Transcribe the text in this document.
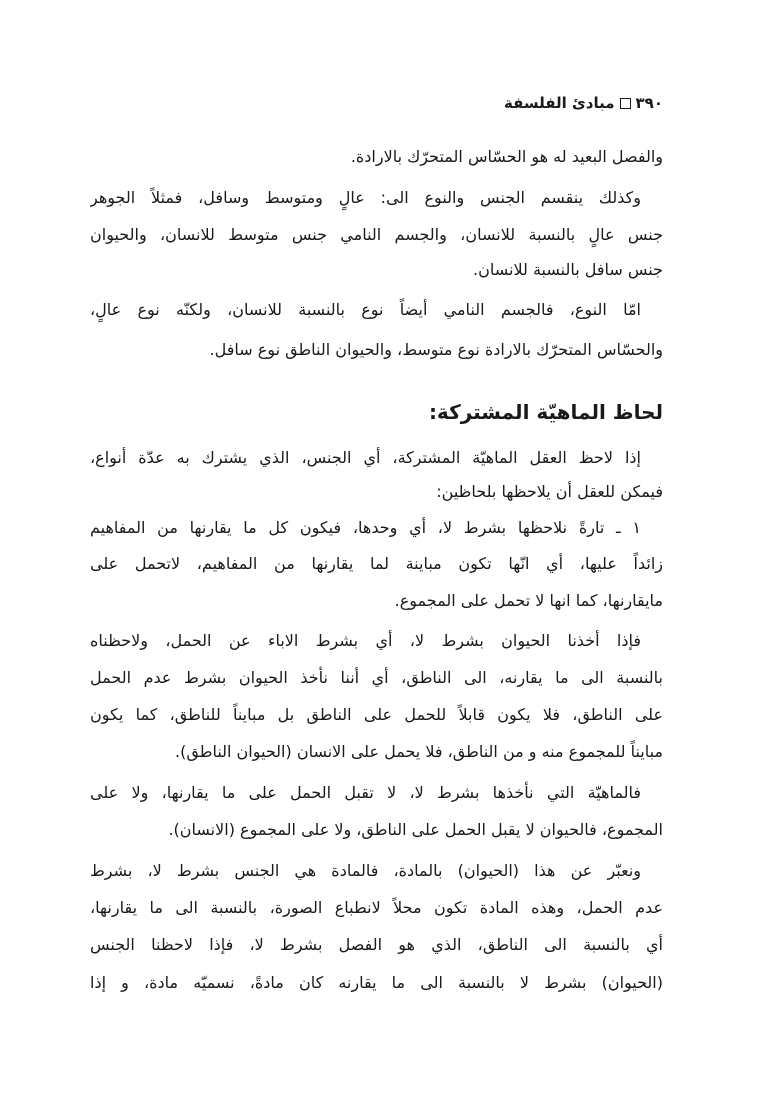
٣٩٠مبادئ الفلسفة
والفصل البعيد له هو الحسّاس المتحرّك بالارادة.
وكذلك ينقسم الجنس والنوع الى: عالٍ ومتوسط وسافل، فمثلاً الجوهر
جنس عالٍ بالنسبة للانسان، والجسم النامي جنس متوسط للانسان، والحيوان
جنس سافل بالنسبة للانسان.
امّا النوع، فالجسم النامي أيضاً نوع بالنسبة للانسان، ولكنّه نوع عالٍ،
والحسّاس المتحرّك بالارادة نوع متوسط، والحيوان الناطق نوع سافل.
لحاظ الماهيّة المشتركة:
إذا لاحظ العقل الماهيّة المشتركة، أي الجنس، الذي يشترك به عدّة أنواع،
فيمكن للعقل أن يلاحظها بلحاظين:
١ ـ تارةً نلاحظها بشرط لا، أي وحدها، فيكون كل ما يقارنها من المفاهيم
زائداً عليها، أي انّها تكون مباينة لما يقارنها من المفاهيم، لاتحمل على
مايقارنها، كما انها لا تحمل على المجموع.
فإذا أخذنا الحيوان بشرط لا، أي بشرط الاباء عن الحمل، ولاحظناه
بالنسبة الى ما يقارنه، الى الناطق، أي أننا نأخذ الحيوان بشرط عدم الحمل
على الناطق، فلا يكون قابلاً للحمل على الناطق بل مبايناً للناطق، كما يكون
مبايناً للمجموع منه و من الناطق، فلا يحمل على الانسان (الحيوان الناطق).
فالماهيّة التي نأخذها بشرط لا، لا تقبل الحمل على ما يقارنها، ولا على
المجموع، فالحيوان لا يقبل الحمل على الناطق، ولا على المجموع (الانسان).
ونعبّر عن هذا (الحيوان) بالمادة، فالمادة هي الجنس بشرط لا، بشرط
عدم الحمل، وهذه المادة تكون محلاً لانطباع الصورة، بالنسبة الى ما يقارنها،
أي بالنسبة الى الناطق، الذي هو الفصل بشرط لا، فإذا لاحظنا الجنس
(الحيوان) بشرط لا بالنسبة الى ما يقارنه كان مادةً، نسميّه مادة، و إذا
